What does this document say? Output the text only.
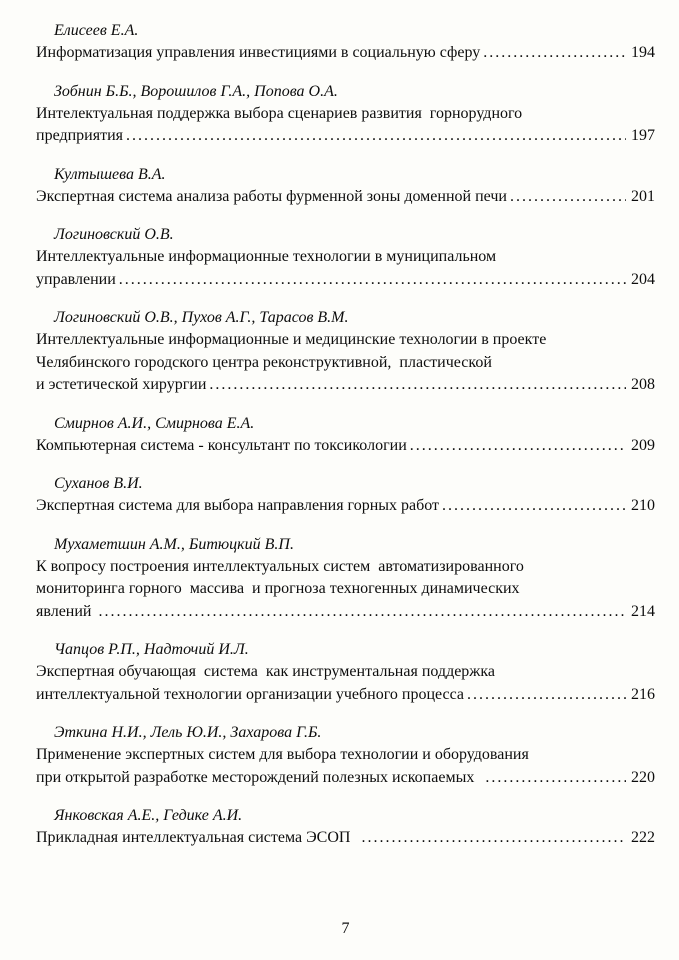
Елисеев Е.А.
Информатизация управления инвестициями в социальную сферу .....	194
Зобнин Б.Б., Ворошилов Г.А., Попова О.А.
Интелектуальная поддержка выбора сценариев развития  горнорудного
предприятия .....	197
Култышева В.А.
Экспертная система анализа работы фурменной зоны доменной печи .....	201
Логиновский О.В.
Интеллектуальные информационные технологии в муниципальном
управлении .....	204
Логиновский О.В., Пухов А.Г., Тарасов В.М.
Интеллектуальные информационные и медицинские технологии в проекте
Челябинского городского центра реконструктивной,  пластической
и эстетической хирургии .....	208
Смирнов А.И., Смирнова Е.А.
Компьютерная система - консультант по токсикологии .....	209
Суханов В.И.
Экспертная система для выбора направления горных работ .....	210
Мухаметшин А.М., Битюцкий В.П.
К вопросу построения интеллектуальных систем  автоматизированного
мониторинга горного  массива  и прогноза техногенных динамических
явлений .....	214
Чапцов Р.П., Надточий И.Л.
Экспертная обучающая  система  как инструментальная поддержка
интеллектуальной технологии организации учебного процесса .....	216
Эткина Н.И., Лель Ю.И., Захарова Г.Б.
Применение экспертных систем для выбора технологии и оборудования
при открытой разработке месторождений полезных ископаемых .....	220
Янковская А.Е., Гедике А.И.
Прикладная интеллектуальная система ЭСОП .....	222
7
